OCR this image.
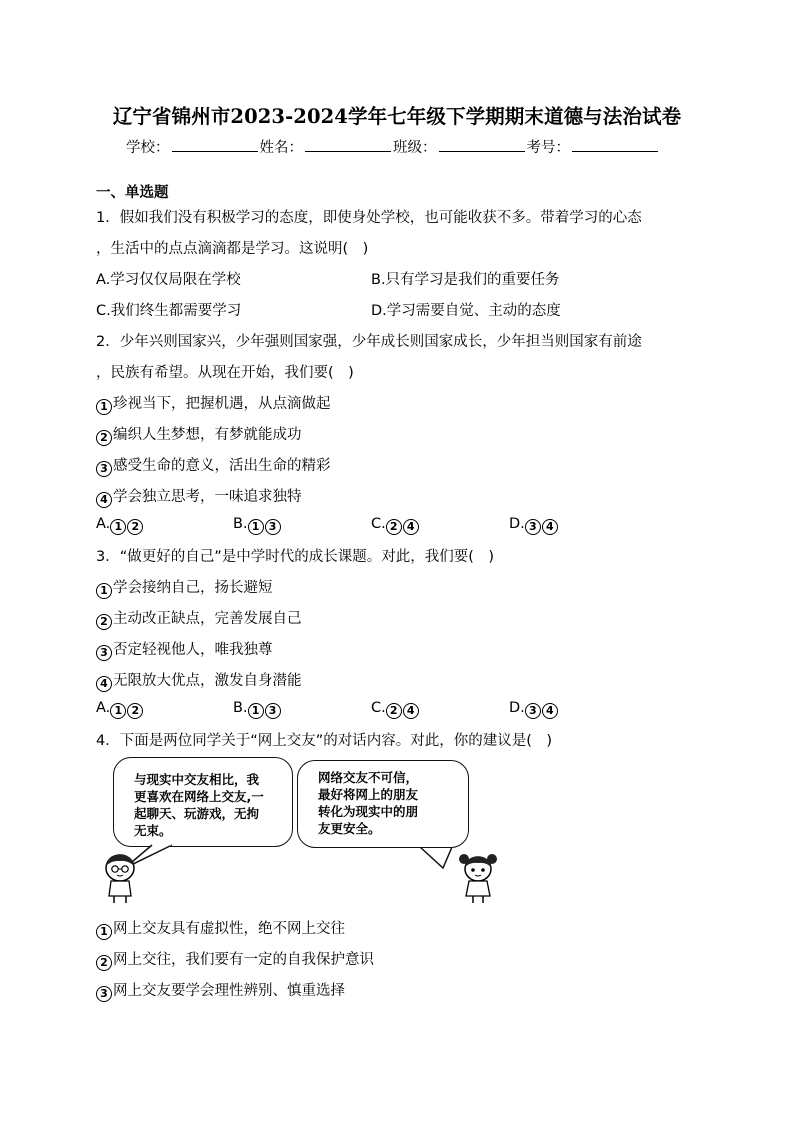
辽宁省锦州市2023-2024学年七年级下学期期末道德与法治试卷
学校：	姓名：	班级：	考号：
一、单选题
1．假如我们没有积极学习的态度，即使身处学校，也可能收获不多。带着学习的心态
，生活中的点点滴滴都是学习。这说明(　)
A.学习仅仅局限在学校	B.只有学习是我们的重要任务
C.我们终生都需要学习	D.学习需要自觉、主动的态度
2．少年兴则国家兴，少年强则国家强，少年成长则国家成长，少年担当则国家有前途
，民族有希望。从现在开始，我们要(　)
1 珍视当下，把握机遇，从点滴做起
2 编织人生梦想，有梦就能成功
3 感受生命的意义，活出生命的精彩
4 学会独立思考，一味追求独特
A. 1 2	B. 1 3	C. 2 4	D. 3 4
3．“做更好的自己”是中学时代的成长课题。对此，我们要(　)
1 学会接纳自己，扬长避短
2 主动改正缺点，完善发展自己
3 否定轻视他人，唯我独尊
4 无限放大优点，激发自身潜能
A. 1 2	B. 1 3	C. 2 4	D. 3 4
4．下面是两位同学关于“网上交友”的对话内容。对此，你的建议是(　)
与现实中交友相比，我
更喜欢在网络上交友,一
起聊天、玩游戏，无拘
无束。
网络交友不可信，
最好将网上的朋友
转化为现实中的朋
友更安全。
1 网上交友具有虚拟性，绝不网上交往
2 网上交往，我们要有一定的自我保护意识
3 网上交友要学会理性辨别、慎重选择
